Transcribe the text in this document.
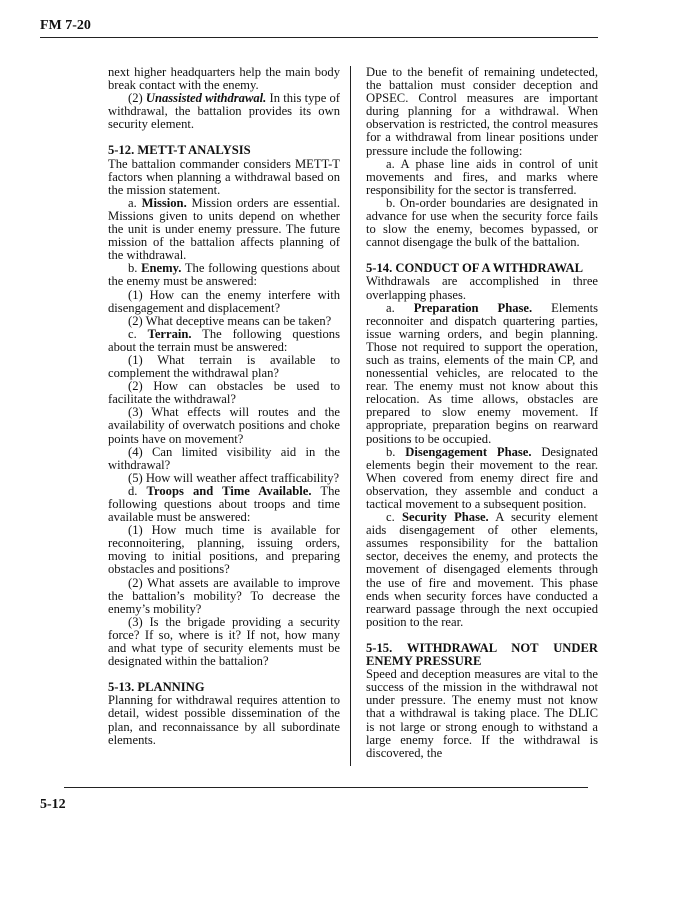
FM 7-20

next higher headquarters help the main body break contact with the enemy.

(2) Unassisted withdrawal. In this type of withdrawal, the battalion provides its own security element.

5-12. METT-T ANALYSIS

The battalion commander considers METT-T factors when planning a withdrawal based on the mission statement.

a. Mission. Mission orders are essential. Missions given to units depend on whether the unit is under enemy pressure. The future mission of the battalion affects planning of the withdrawal.

b. Enemy. The following questions about the enemy must be answered:

(1) How can the enemy interfere with disengagement and displacement?

(2) What deceptive means can be taken?

c. Terrain. The following questions about the terrain must be answered:

(1) What terrain is available to complement the withdrawal plan?

(2) How can obstacles be used to facilitate the withdrawal?

(3) What effects will routes and the availability of overwatch positions and choke points have on movement?

(4) Can limited visibility aid in the withdrawal?

(5) How will weather affect trafficability?

d. Troops and Time Available. The following questions about troops and time available must be answered:

(1) How much time is available for reconnoitering, planning, issuing orders, moving to initial positions, and preparing obstacles and positions?

(2) What assets are available to improve the battalion’s mobility? To decrease the enemy’s mobility?

(3) Is the brigade providing a security force? If so, where is it? If not, how many and what type of security elements must be designated within the battalion?

5-13. PLANNING

Planning for withdrawal requires attention to detail, widest possible dissemination of the plan, and reconnaissance by all subordinate elements.

Due to the benefit of remaining undetected, the battalion must consider deception and OPSEC. Control measures are important during planning for a withdrawal. When observation is restricted, the control measures for a withdrawal from linear positions under pressure include the following:

a. A phase line aids in control of unit movements and fires, and marks where responsibility for the sector is transferred.

b. On-order boundaries are designated in advance for use when the security force fails to slow the enemy, becomes bypassed, or cannot disengage the bulk of the battalion.

5-14. CONDUCT OF A WITHDRAWAL

Withdrawals are accomplished in three overlapping phases.

a. Preparation Phase. Elements reconnoiter and dispatch quartering parties, issue warning orders, and begin planning. Those not required to support the operation, such as trains, elements of the main CP, and nonessential vehicles, are relocated to the rear. The enemy must not know about this relocation. As time allows, obstacles are prepared to slow enemy movement. If appropriate, preparation begins on rearward positions to be occupied.

b. Disengagement Phase. Designated elements begin their movement to the rear. When covered from enemy direct fire and observation, they assemble and conduct a tactical movement to a subsequent position.

c. Security Phase. A security element aids disengagement of other elements, assumes responsibility for the battalion sector, deceives the enemy, and protects the movement of disengaged elements through the use of fire and movement. This phase ends when security forces have conducted a rearward passage through the next occupied position to the rear.

5-15. WITHDRAWAL NOT UNDER ENEMY PRESSURE

Speed and deception measures are vital to the success of the mission in the withdrawal not under pressure. The enemy must not know that a withdrawal is taking place. The DLIC is not large or strong enough to withstand a large enemy force. If the withdrawal is discovered, the

5-12
